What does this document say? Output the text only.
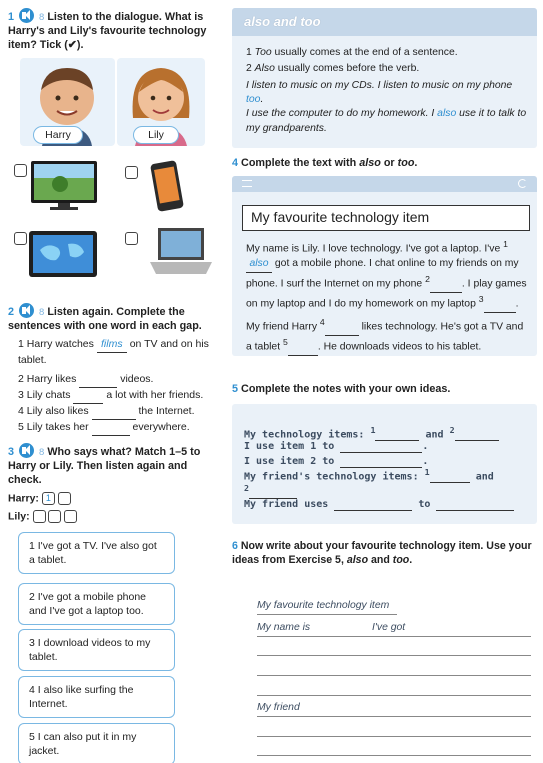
1	8 Listen to the dialogue. What is Harry's and Lily's favourite technology item? Tick (✔).
Harry	Lily
also and too
1 Too usually comes at the end of a sentence.
2 Also usually comes before the verb.
I listen to music on my CDs. I listen to music on my phone too.
I use the computer to do my homework. I also use it to talk to my grandparents.
4 Complete the text with also or too.
My favourite technology item
My name is Lily. I love technology. I've got a laptop. I've $^1$ also got a mobile phone. I chat online to my friends on my phone. I surf the Internet on my phone $^2$	. I play games on my laptop and I do my homework on my laptop $^3$	.
My friend Harry $^4$	likes technology. He's got a TV and a tablet $^5$	. He downloads videos to his tablet.
2	8 Listen again. Complete the sentences with one word in each gap.
1 Harry watches films on TV and on his tablet.
2 Harry likes	videos.
3 Lily chats	a lot with her friends.
4 Lily also likes	the Internet.
5 Lily takes her	everywhere.
5 Complete the notes with your own ideas.
My technology items: $^1$	and $^2$
I use item 1 to	.
I use item 2 to	.
My friend's technology items: $^1$	and
$^2$
My friend uses	to
3	8 Who says what? Match 1–5 to Harry or Lily. Then listen again and check.
Harry: 1
Lily:
1 I've got a TV. I've also got a tablet.
2 I've got a mobile phone and I've got a laptop too.
3 I download videos to my tablet.
4 I also like surfing the Internet.
5 I can also put it in my jacket.
6 Now write about your favourite technology item. Use your ideas from Exercise 5, also and too.
My favourite technology item
My name is	I've got
My friend
